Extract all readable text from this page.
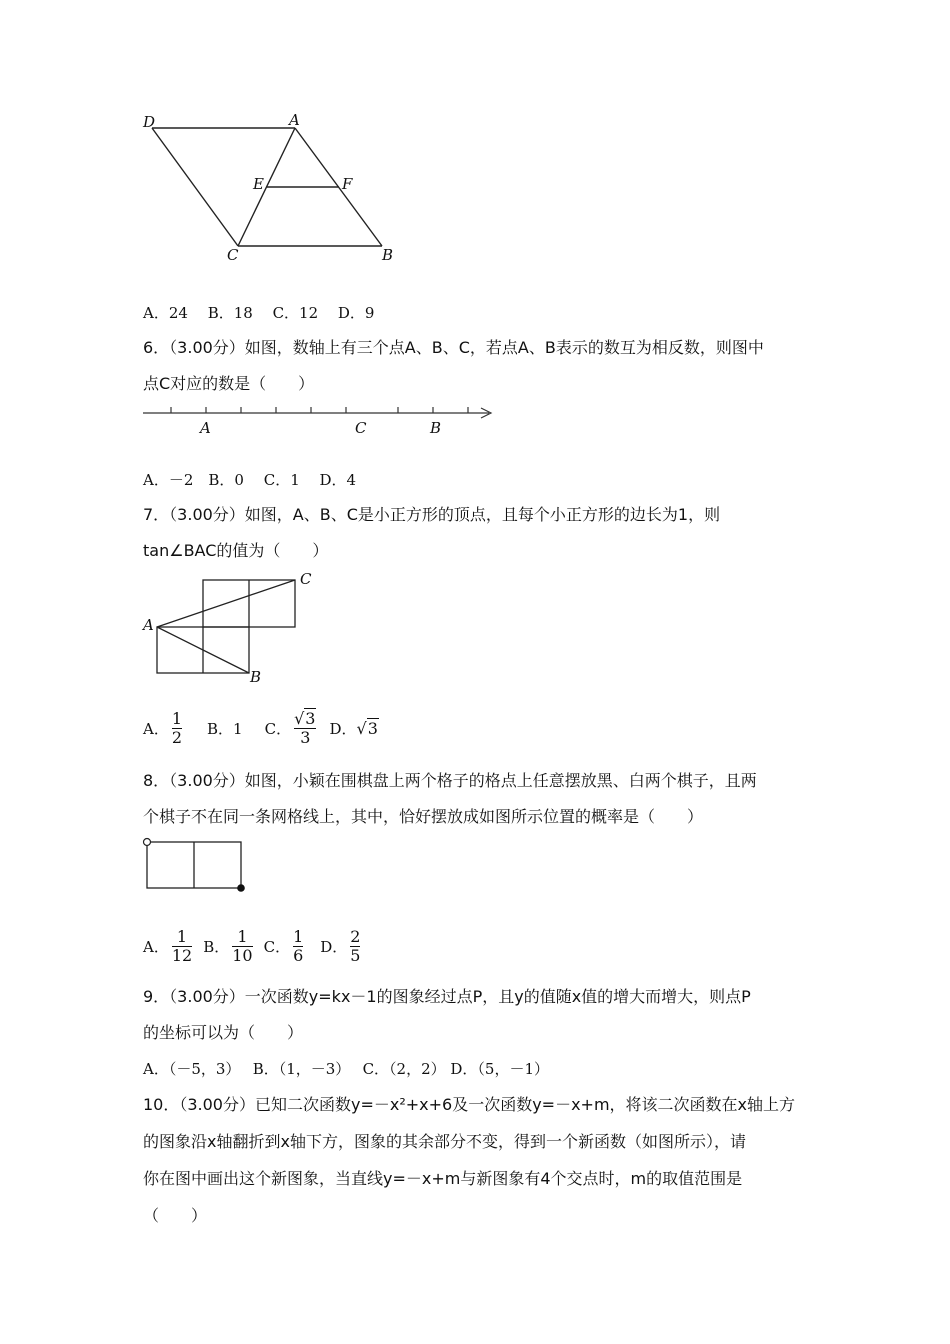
D	A
E	F
C	B
A．24　 B．18　 C．12　 D．9
6．（3.00分）如图，数轴上有三个点A、B、C，若点A、B表示的数互为相反数，则图中
点C对应的数是（　　）
A	C	B
A．－2　B．0　 C．1　 D．4
7．（3.00分）如图，A、B、C是小正方形的顶点，且每个小正方形的边长为1，则
tan∠BAC的值为（　　）
A
C
B
A． $\frac{1}{2}$ B．1 C． $\frac{√3}{3}$ D． √3
8．（3.00分）如图，小颖在围棋盘上两个格子的格点上任意摆放黑、白两个棋子，且两
个棋子不在同一条网格线上，其中，恰好摆放成如图所示位置的概率是（　　）
A． $\frac{1}{12}$ B． $\frac{1}{10}$ C． $\frac{1}{6}$ D． $\frac{2}{5}$
9．（3.00分）一次函数y=kx－1的图象经过点P，且y的值随x值的增大而增大，则点P
的坐标可以为（　　）
A．（－5，3）　 B．（1，－3）　 C．（2，2） D．（5，－1）
10．（3.00分）已知二次函数y=－x²+x+6及一次函数y=－x+m，将该二次函数在x轴上方
的图象沿x轴翻折到x轴下方，图象的其余部分不变，得到一个新函数（如图所示），请
你在图中画出这个新图象，当直线y=－x+m与新图象有4个交点时，m的取值范围是
（　　）
